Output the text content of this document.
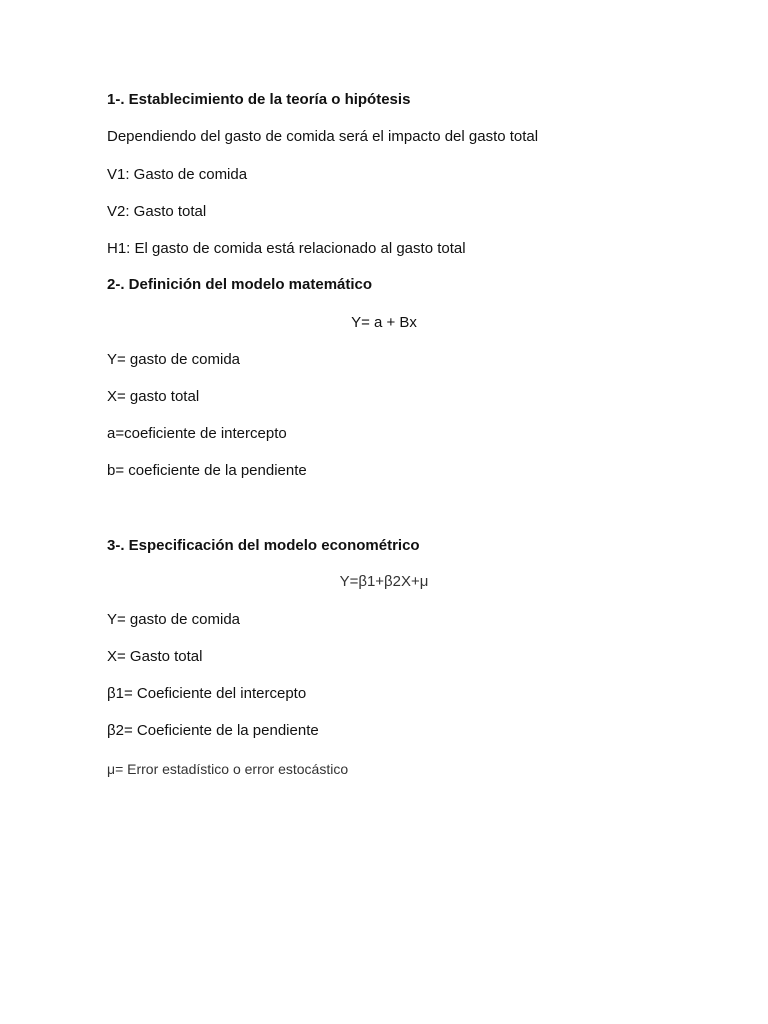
1-. Establecimiento de la teoría o hipótesis
Dependiendo del gasto de comida será el impacto del gasto total
V1: Gasto de comida
V2: Gasto total
H1: El gasto de comida está relacionado al gasto total
2-. Definición del modelo matemático
Y= a + Bx
Y= gasto de comida
X= gasto total
a=coeficiente de intercepto
b= coeficiente de la pendiente
3-. Especificación del modelo econométrico
Y=β1+β2X+μ
Y= gasto de comida
X= Gasto total
β1= Coeficiente del intercepto
β2= Coeficiente de la pendiente
μ= Error estadístico o error estocástico
